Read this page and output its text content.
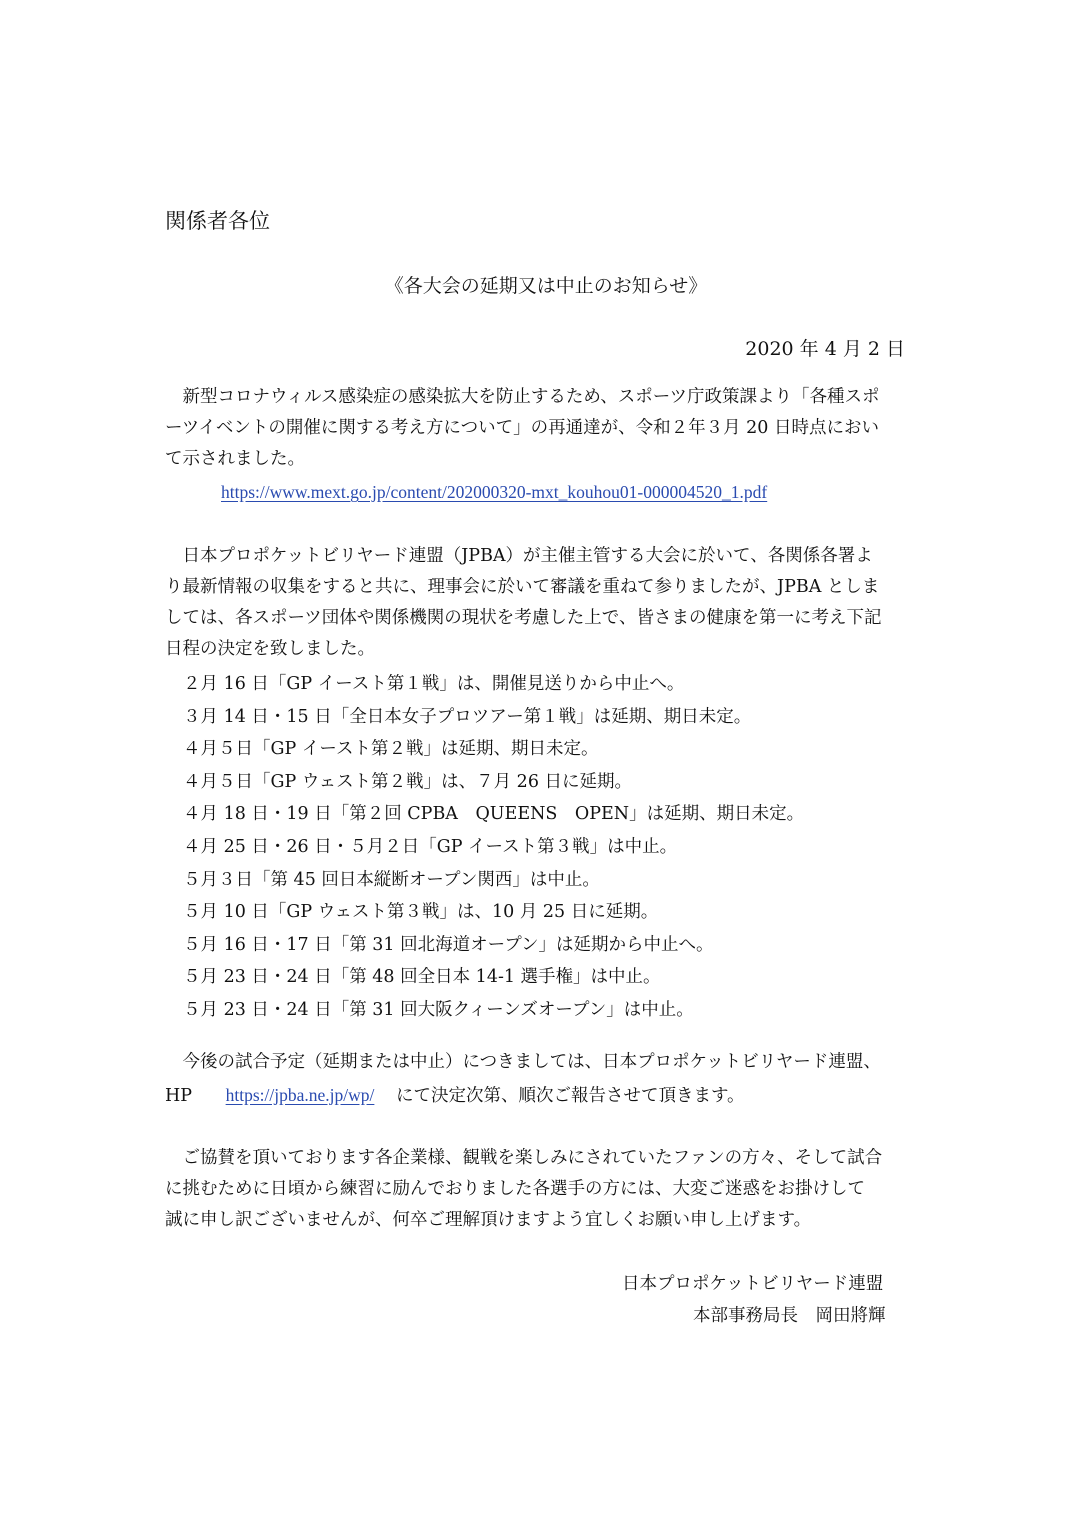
関係者各位
《各大会の延期又は中止のお知らせ》
2020 年 4 月 2 日
　新型コロナウィルス感染症の感染拡大を防止するため、スポーツ庁政策課より「各種スポ
ーツイベントの開催に関する考え方について」の再通達が、令和２年３月 20 日時点におい
て示されました。
https://www.mext.go.jp/content/202000320-mxt_kouhou01-000004520_1.pdf
　日本プロポケットビリヤード連盟（JPBA）が主催主管する大会に於いて、各関係各署よ
り最新情報の収集をすると共に、理事会に於いて審議を重ねて参りましたが、JPBA としま
しては、各スポーツ団体や関係機関の現状を考慮した上で、皆さまの健康を第一に考え下記
日程の決定を致しました。
２月 16 日「GP イースト第１戦」は、開催見送りから中止へ。
３月 14 日・15 日「全日本女子プロツアー第１戦」は延期、期日未定。
４月５日「GP イースト第２戦」は延期、期日未定。
４月５日「GP ウェスト第２戦」は、７月 26 日に延期。
４月 18 日・19 日「第２回 CPBA　QUEENS　OPEN」は延期、期日未定。
４月 25 日・26 日・５月２日「GP イースト第３戦」は中止。
５月３日「第 45 回日本縦断オープン関西」は中止。
５月 10 日「GP ウェスト第３戦」は、10 月 25 日に延期。
５月 16 日・17 日「第 31 回北海道オープン」は延期から中止へ。
５月 23 日・24 日「第 48 回全日本 14-1 選手権」は中止。
５月 23 日・24 日「第 31 回大阪クィーンズオープン」は中止。
　今後の試合予定（延期または中止）につきましては、日本プロポケットビリヤード連盟、
HP https://jpba.ne.jp/wp/ にて決定次第、順次ご報告させて頂きます。
　ご協賛を頂いております各企業様、観戦を楽しみにされていたファンの方々、そして試合
に挑むために日頃から練習に励んでおりました各選手の方には、大変ご迷惑をお掛けして
誠に申し訳ございませんが、何卒ご理解頂けますよう宜しくお願い申し上げます。
日本プロポケットビリヤード連盟
本部事務局長　岡田將輝
